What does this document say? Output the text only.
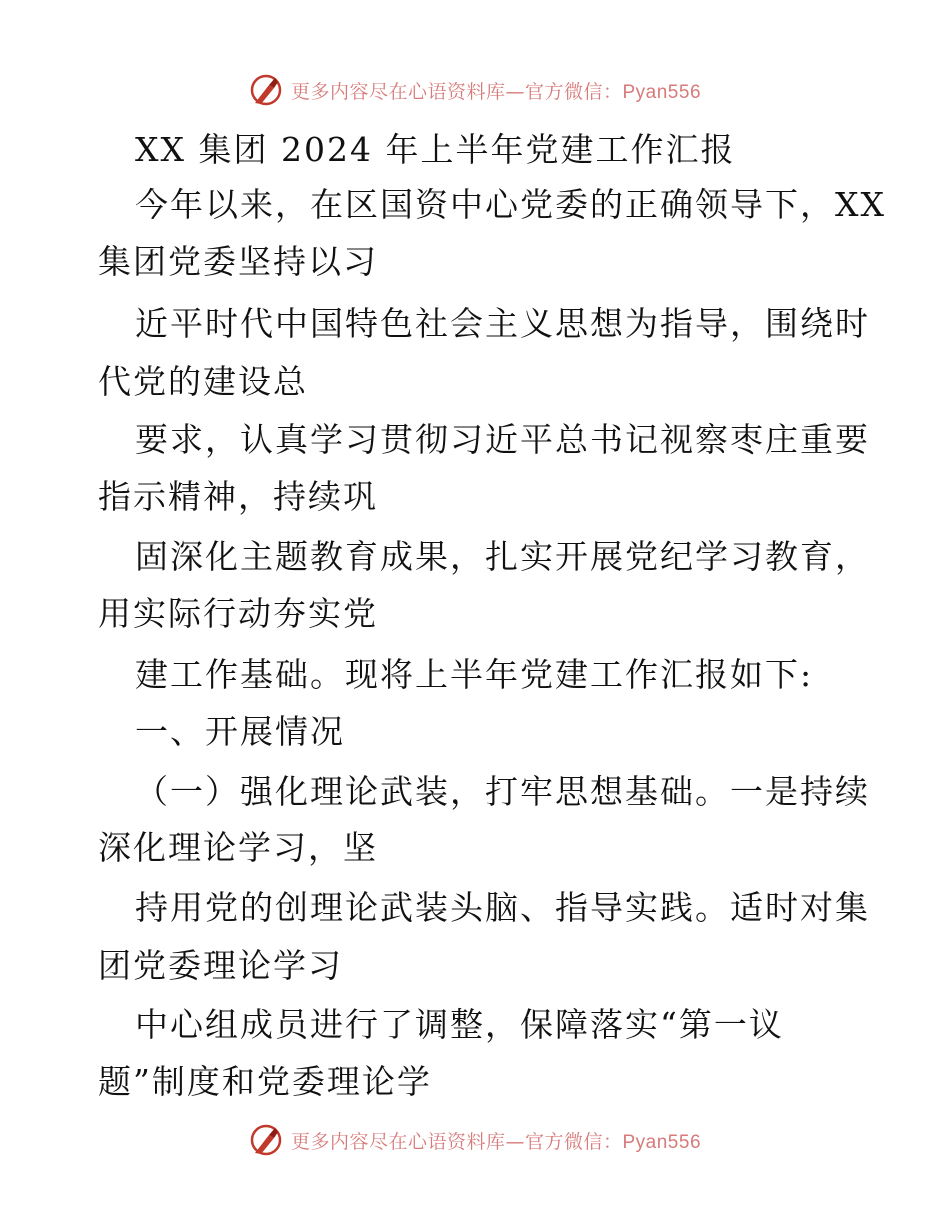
更多内容尽在心语资料库—官方微信：Pyan556
XX 集团 2024 年上半年党建工作汇报
今年以来，在区国资中心党委的正确领导下，XX
集团党委坚持以习
近平时代中国特色社会主义思想为指导，围绕时
代党的建设总
要求，认真学习贯彻习近平总书记视察枣庄重要
指示精神，持续巩
固深化主题教育成果，扎实开展党纪学习教育，
用实际行动夯实党
建工作基础。现将上半年党建工作汇报如下:
一、开展情况
（一）强化理论武装，打牢思想基础。一是持续
深化理论学习，坚
持用党的创理论武装头脑、指导实践。适时对集
团党委理论学习
中心组成员进行了调整，保障落实“第一议
题”制度和党委理论学
更多内容尽在心语资料库—官方微信：Pyan556
